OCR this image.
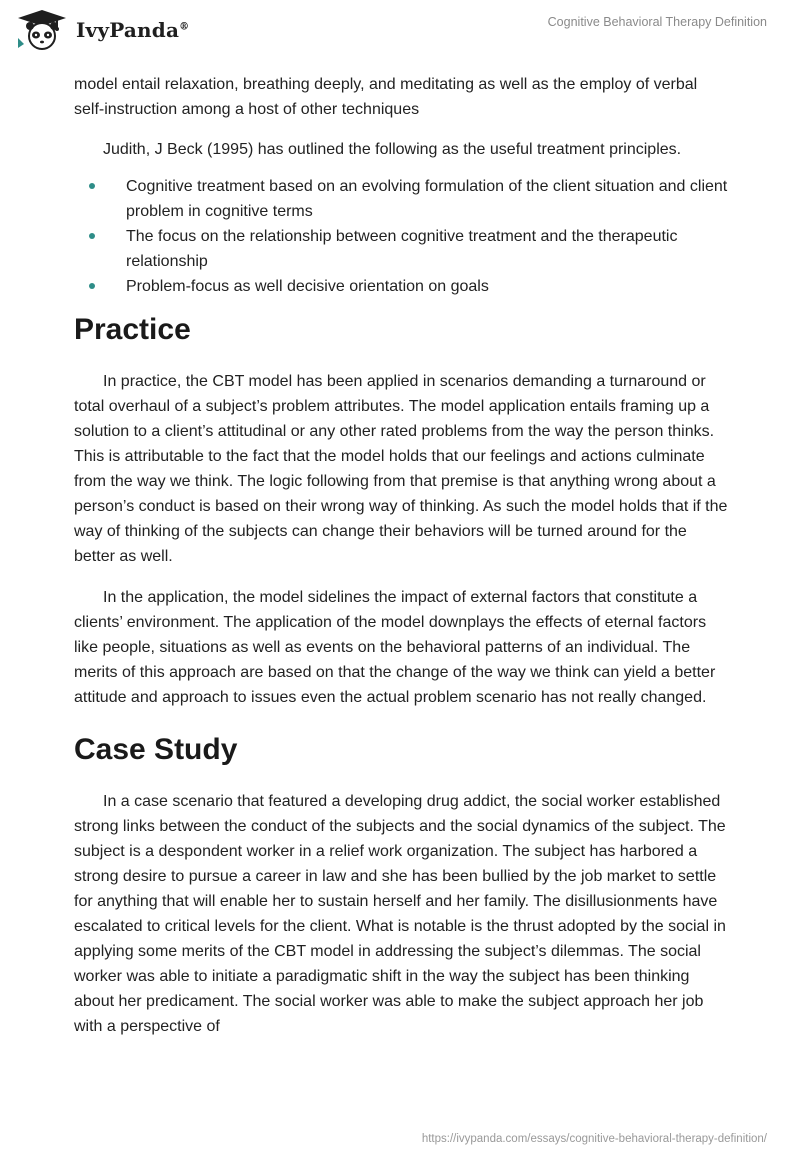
IvyPanda®	Cognitive Behavioral Therapy Definition

model entail relaxation, breathing deeply, and meditating as well as the employ of verbal self-instruction among a host of other techniques

Judith, J Beck (1995) has outlined the following as the useful treatment principles.

Cognitive treatment based on an evolving formulation of the client situation and client problem in cognitive terms
The focus on the relationship between cognitive treatment and the therapeutic relationship
Problem-focus as well decisive orientation on goals
Practice

In practice, the CBT model has been applied in scenarios demanding a turnaround or total overhaul of a subject’s problem attributes. The model application entails framing up a solution to a client’s attitudinal or any other rated problems from the way the person thinks. This is attributable to the fact that the model holds that our feelings and actions culminate from the way we think. The logic following from that premise is that anything wrong about a person’s conduct is based on their wrong way of thinking. As such the model holds that if the way of thinking of the subjects can change their behaviors will be turned around for the better as well.

In the application, the model sidelines the impact of external factors that constitute a clients’ environment. The application of the model downplays the effects of eternal factors like people, situations as well as events on the behavioral patterns of an individual. The merits of this approach are based on that the change of the way we think can yield a better attitude and approach to issues even the actual problem scenario has not really changed.

Case Study

In a case scenario that featured a developing drug addict, the social worker established strong links between the conduct of the subjects and the social dynamics of the subject. The subject is a despondent worker in a relief work organization. The subject has harbored a strong desire to pursue a career in law and she has been bullied by the job market to settle for anything that will enable her to sustain herself and her family. The disillusionments have escalated to critical levels for the client. What is notable is the thrust adopted by the social in applying some merits of the CBT model in addressing the subject’s dilemmas. The social worker was able to initiate a paradigmatic shift in the way the subject has been thinking about her predicament. The social worker was able to make the subject approach her job with a perspective of

https://ivypanda.com/essays/cognitive-behavioral-therapy-definition/
